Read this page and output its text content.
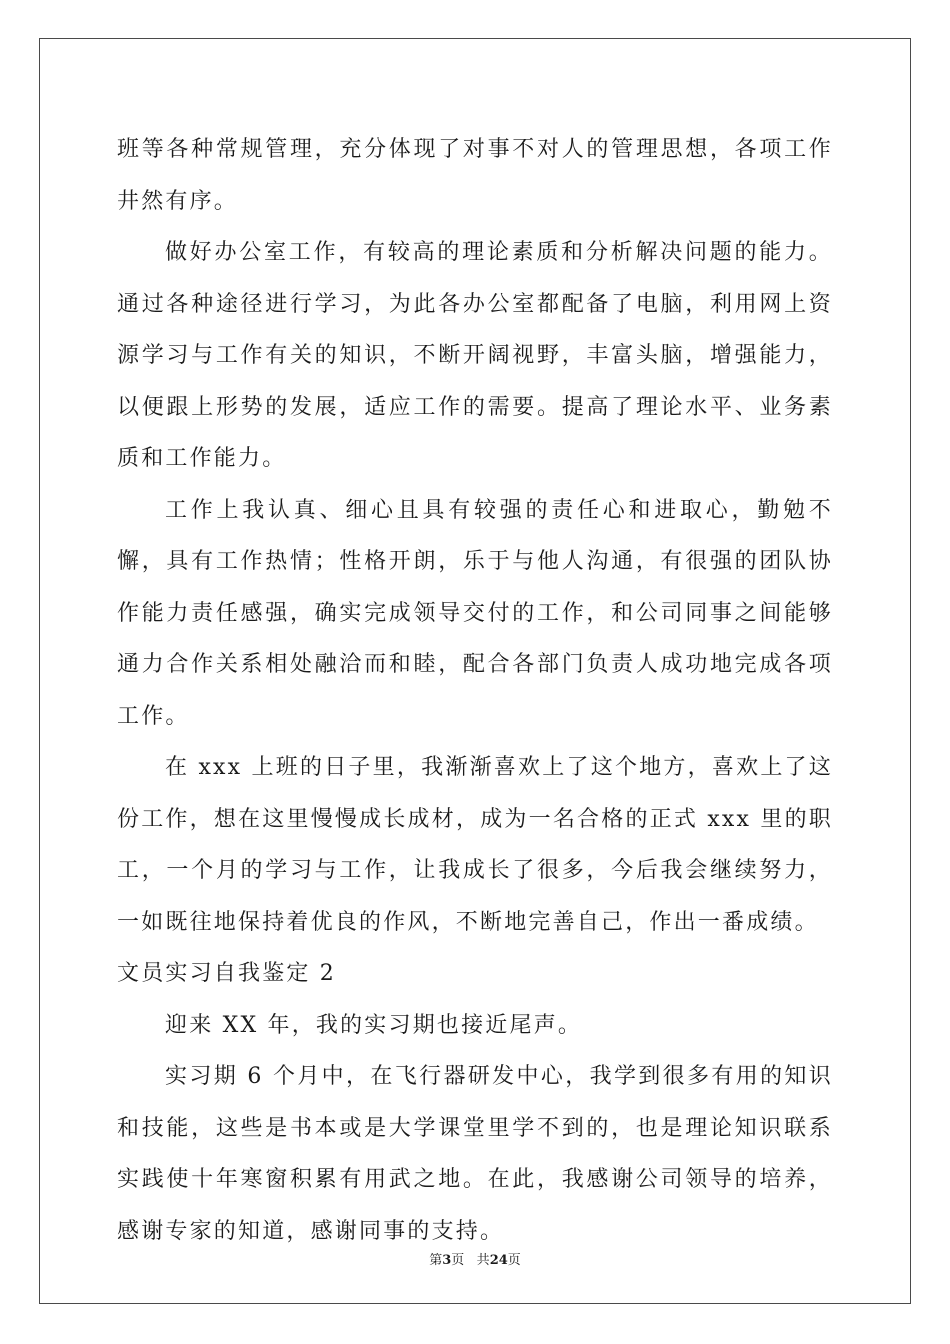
班等各种常规管理，充分体现了对事不对人的管理思想，各项工作井然有序。

做好办公室工作，有较高的理论素质和分析解决问题的能力。通过各种途径进行学习，为此各办公室都配备了电脑，利用网上资源学习与工作有关的知识，不断开阔视野，丰富头脑，增强能力，以便跟上形势的发展，适应工作的需要。提高了理论水平、业务素质和工作能力。

工作上我认真、细心且具有较强的责任心和进取心，勤勉不懈，具有工作热情；性格开朗，乐于与他人沟通，有很强的团队协作能力责任感强，确实完成领导交付的工作，和公司同事之间能够通力合作关系相处融洽而和睦，配合各部门负责人成功地完成各项工作。

在 xxx 上班的日子里，我渐渐喜欢上了这个地方，喜欢上了这份工作，想在这里慢慢成长成材，成为一名合格的正式 xxx 里的职工，一个月的学习与工作，让我成长了很多，今后我会继续努力，一如既往地保持着优良的作风，不断地完善自己，作出一番成绩。

文员实习自我鉴定 2

迎来 XX 年，我的实习期也接近尾声。

实习期 6 个月中，在飞行器研发中心，我学到很多有用的知识和技能，这些是书本或是大学课堂里学不到的，也是理论知识联系实践使十年寒窗积累有用武之地。在此，我感谢公司领导的培养，感谢专家的知道，感谢同事的支持。

第3页 共24页
